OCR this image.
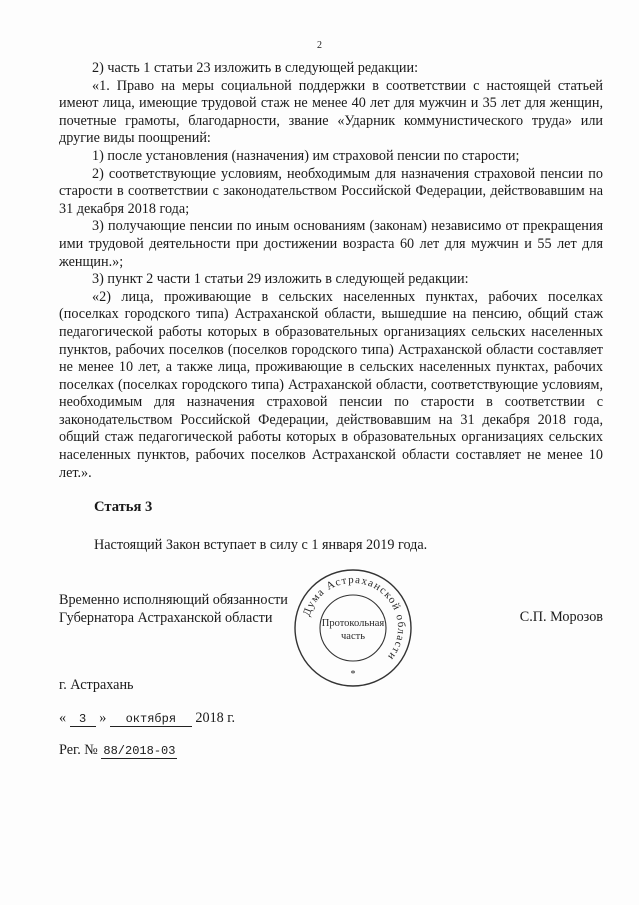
2

2) часть 1 статьи 23 изложить в следующей редакции:

«1. Право на меры социальной поддержки в соответствии с настоящей статьей имеют лица, имеющие трудовой стаж не менее 40 лет для мужчин и 35 лет для женщин, почетные грамоты, благодарности, звание «Ударник коммунистического труда» или другие виды поощрений:

1) после установления (назначения) им страховой пенсии по старости;

2) соответствующие условиям, необходимым для назначения страховой пенсии по старости в соответствии с законодательством Российской Федерации, действовавшим на 31 декабря 2018 года;

3) получающие пенсии по иным основаниям (законам) независимо от прекращения ими трудовой деятельности при достижении возраста 60 лет для мужчин и 55 лет для женщин.»;

3) пункт 2 части 1 статьи 29 изложить в следующей редакции:

«2) лица, проживающие в сельских населенных пунктах, рабочих поселках (поселках городского типа) Астраханской области, вышедшие на пенсию, общий стаж педагогической работы которых в образовательных организациях сельских населенных пунктов, рабочих поселков (поселков городского типа) Астраханской области составляет не менее 10 лет, а также лица, проживающие в сельских населенных пунктах, рабочих поселках (поселках городского типа) Астраханской области, соответствующие условиям, необходимым для назначения страховой пенсии по старости в соответствии с законодательством Российской Федерации, действовавшим на 31 декабря 2018 года, общий стаж педагогической работы которых в образовательных организациях сельских населенных пунктов, рабочих поселков Астраханской области составляет не менее 10 лет.».

Статья 3
Настоящий Закон вступает в силу с 1 января 2019 года.
Временно исполняющий обязанности
Губернатора Астраханской области	Дума Астраханской области
Протокольная
часть
*
С.П. Морозов
г. Астрахань
« 3 » октября 2018 г.
Рег. № 88/2018-03
